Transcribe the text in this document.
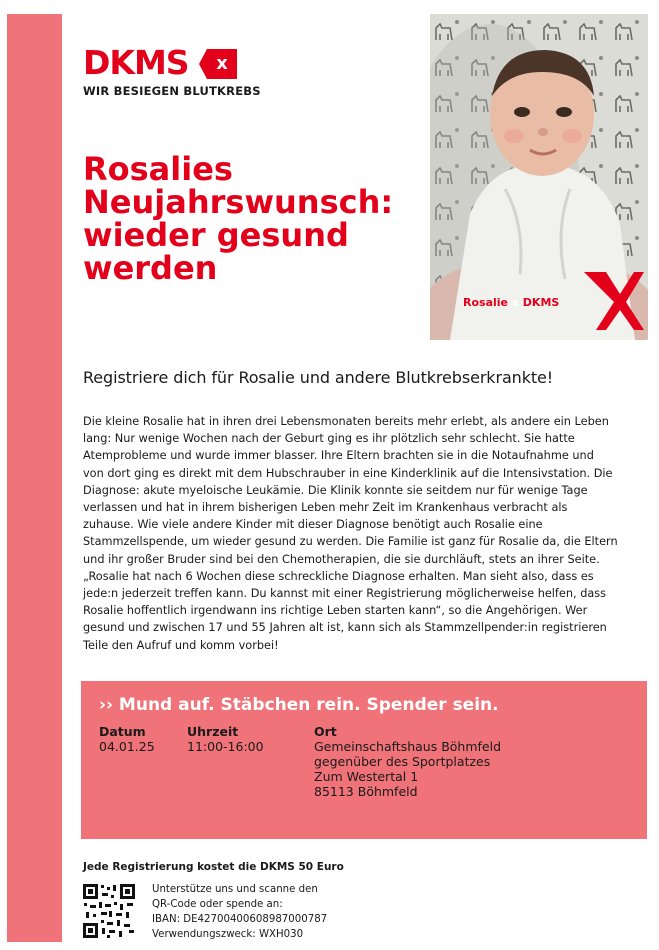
DKMS	x
WIR BESIEGEN BLUTKREBS
Rosalies
Neujahrswunsch:
wieder gesund
werden
Rosalie x DKMS
Registriere dich für Rosalie und andere Blutkrebserkrankte!
Die kleine Rosalie hat in ihren drei Lebensmonaten bereits mehr erlebt, als andere ein Leben
lang: Nur wenige Wochen nach der Geburt ging es ihr plötzlich sehr schlecht. Sie hatte
Atemprobleme und wurde immer blasser. Ihre Eltern brachten sie in die Notaufnahme und
von dort ging es direkt mit dem Hubschrauber in eine Kinderklinik auf die Intensivstation. Die
Diagnose: akute myeloische Leukämie. Die Klinik konnte sie seitdem nur für wenige Tage
verlassen und hat in ihrem bisherigen Leben mehr Zeit im Krankenhaus verbracht als
zuhause. Wie viele andere Kinder mit dieser Diagnose benötigt auch Rosalie eine
Stammzellspende, um wieder gesund zu werden. Die Familie ist ganz für Rosalie da, die Eltern
und ihr großer Bruder sind bei den Chemotherapien, die sie durchläuft, stets an ihrer Seite.
„Rosalie hat nach 6 Wochen diese schreckliche Diagnose erhalten. Man sieht also, dass es
jede:n jederzeit treffen kann. Du kannst mit einer Registrierung möglicherweise helfen, dass
Rosalie hoffentlich irgendwann ins richtige Leben starten kann“, so die Angehörigen. Wer
gesund und zwischen 17 und 55 Jahren alt ist, kann sich als Stammzellpender:in registrieren
Teile den Aufruf und komm vorbei!
›› Mund auf. Stäbchen rein. Spender sein.
Datum
04.01.25
Uhrzeit
11:00-16:00
Ort
Gemeinschaftshaus Böhmfeld
gegenüber des Sportplatzes
Zum Westertal 1
85113 Böhmfeld
Jede Registrierung kostet die DKMS 50 Euro
Unterstütze uns und scanne den
QR-Code oder spende an:
IBAN: DE42700400608987000787
Verwendungszweck: WXH030
